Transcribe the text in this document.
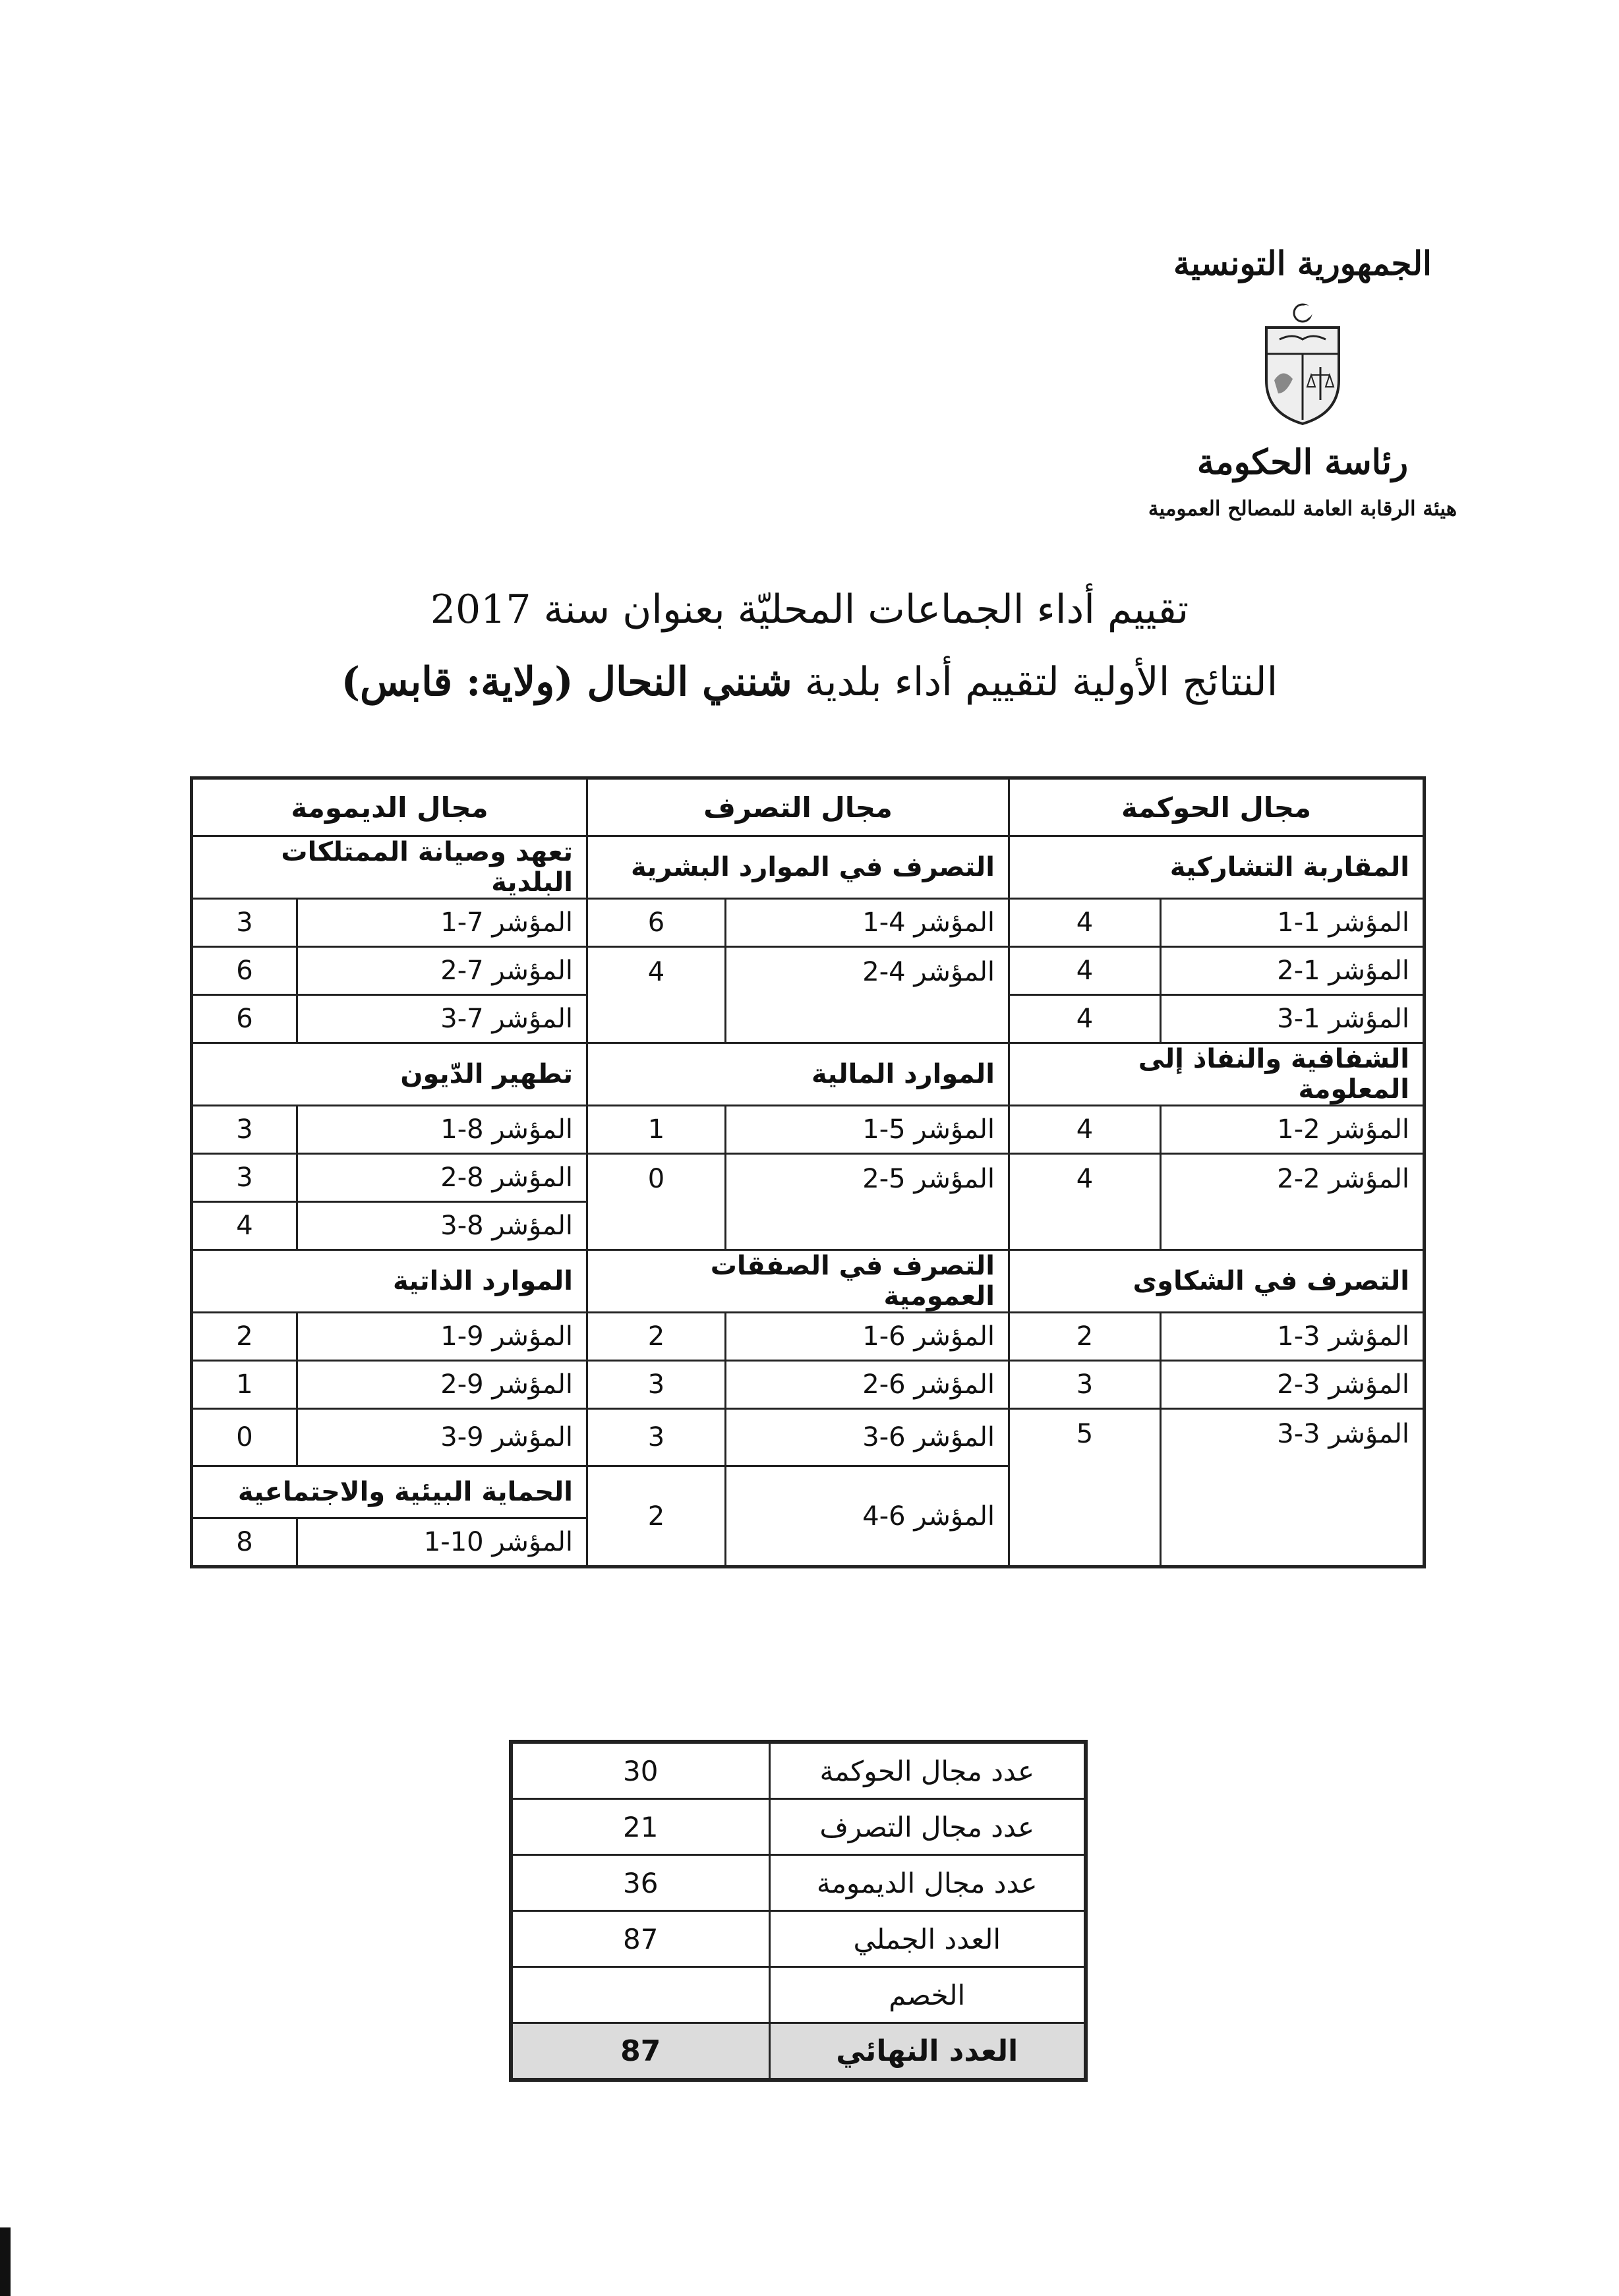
الجمهورية التونسية
رئاسة الحكومة
هيئة الرقابة العامة للمصالح العمومية
تقييم أداء الجماعات المحليّة بعنوان سنة 2017
النتائج الأولية لتقييم أداء بلدية شنني النحال (ولاية: قابس)
مجال الحوكمة		مجال التصرف		مجال الديمومة	
المقاربة التشاركية		التصرف في الموارد البشرية		تعهد وصيانة الممتلكات البلدية	
المؤشر 1-1	4	المؤشر 4-1	6	المؤشر 7-1	3
المؤشر 1-2	4	المؤشر 4-2	4	المؤشر 7-2	6
المؤشر 1-3	4			المؤشر 7-3	6
الشفافية والنفاذ إلى المعلومة		الموارد المالية		تطهير الدّيون	
المؤشر 2-1	4	المؤشر 5-1	1	المؤشر 8-1	3
المؤشر 2-2	4	المؤشر 5-2	0	المؤشر 8-2	3
				المؤشر 8-3	4
التصرف في الشكاوى		التصرف في الصفقات العمومية		الموارد الذاتية	
المؤشر 3-1	2	المؤشر 6-1	2	المؤشر 9-1	2
المؤشر 3-2	3	المؤشر 6-2	3	المؤشر 9-2	1
المؤشر 3-3	5	المؤشر 6-3	3	المؤشر 9-3	0
		المؤشر 6-4	2	الحماية البيئية والاجتماعية	
				المؤشر 10-1	8
عدد مجال الحوكمة	30
عدد مجال التصرف	21
عدد مجال الديمومة	36
العدد الجملي	87
الخصم	
العدد النهائي	87
